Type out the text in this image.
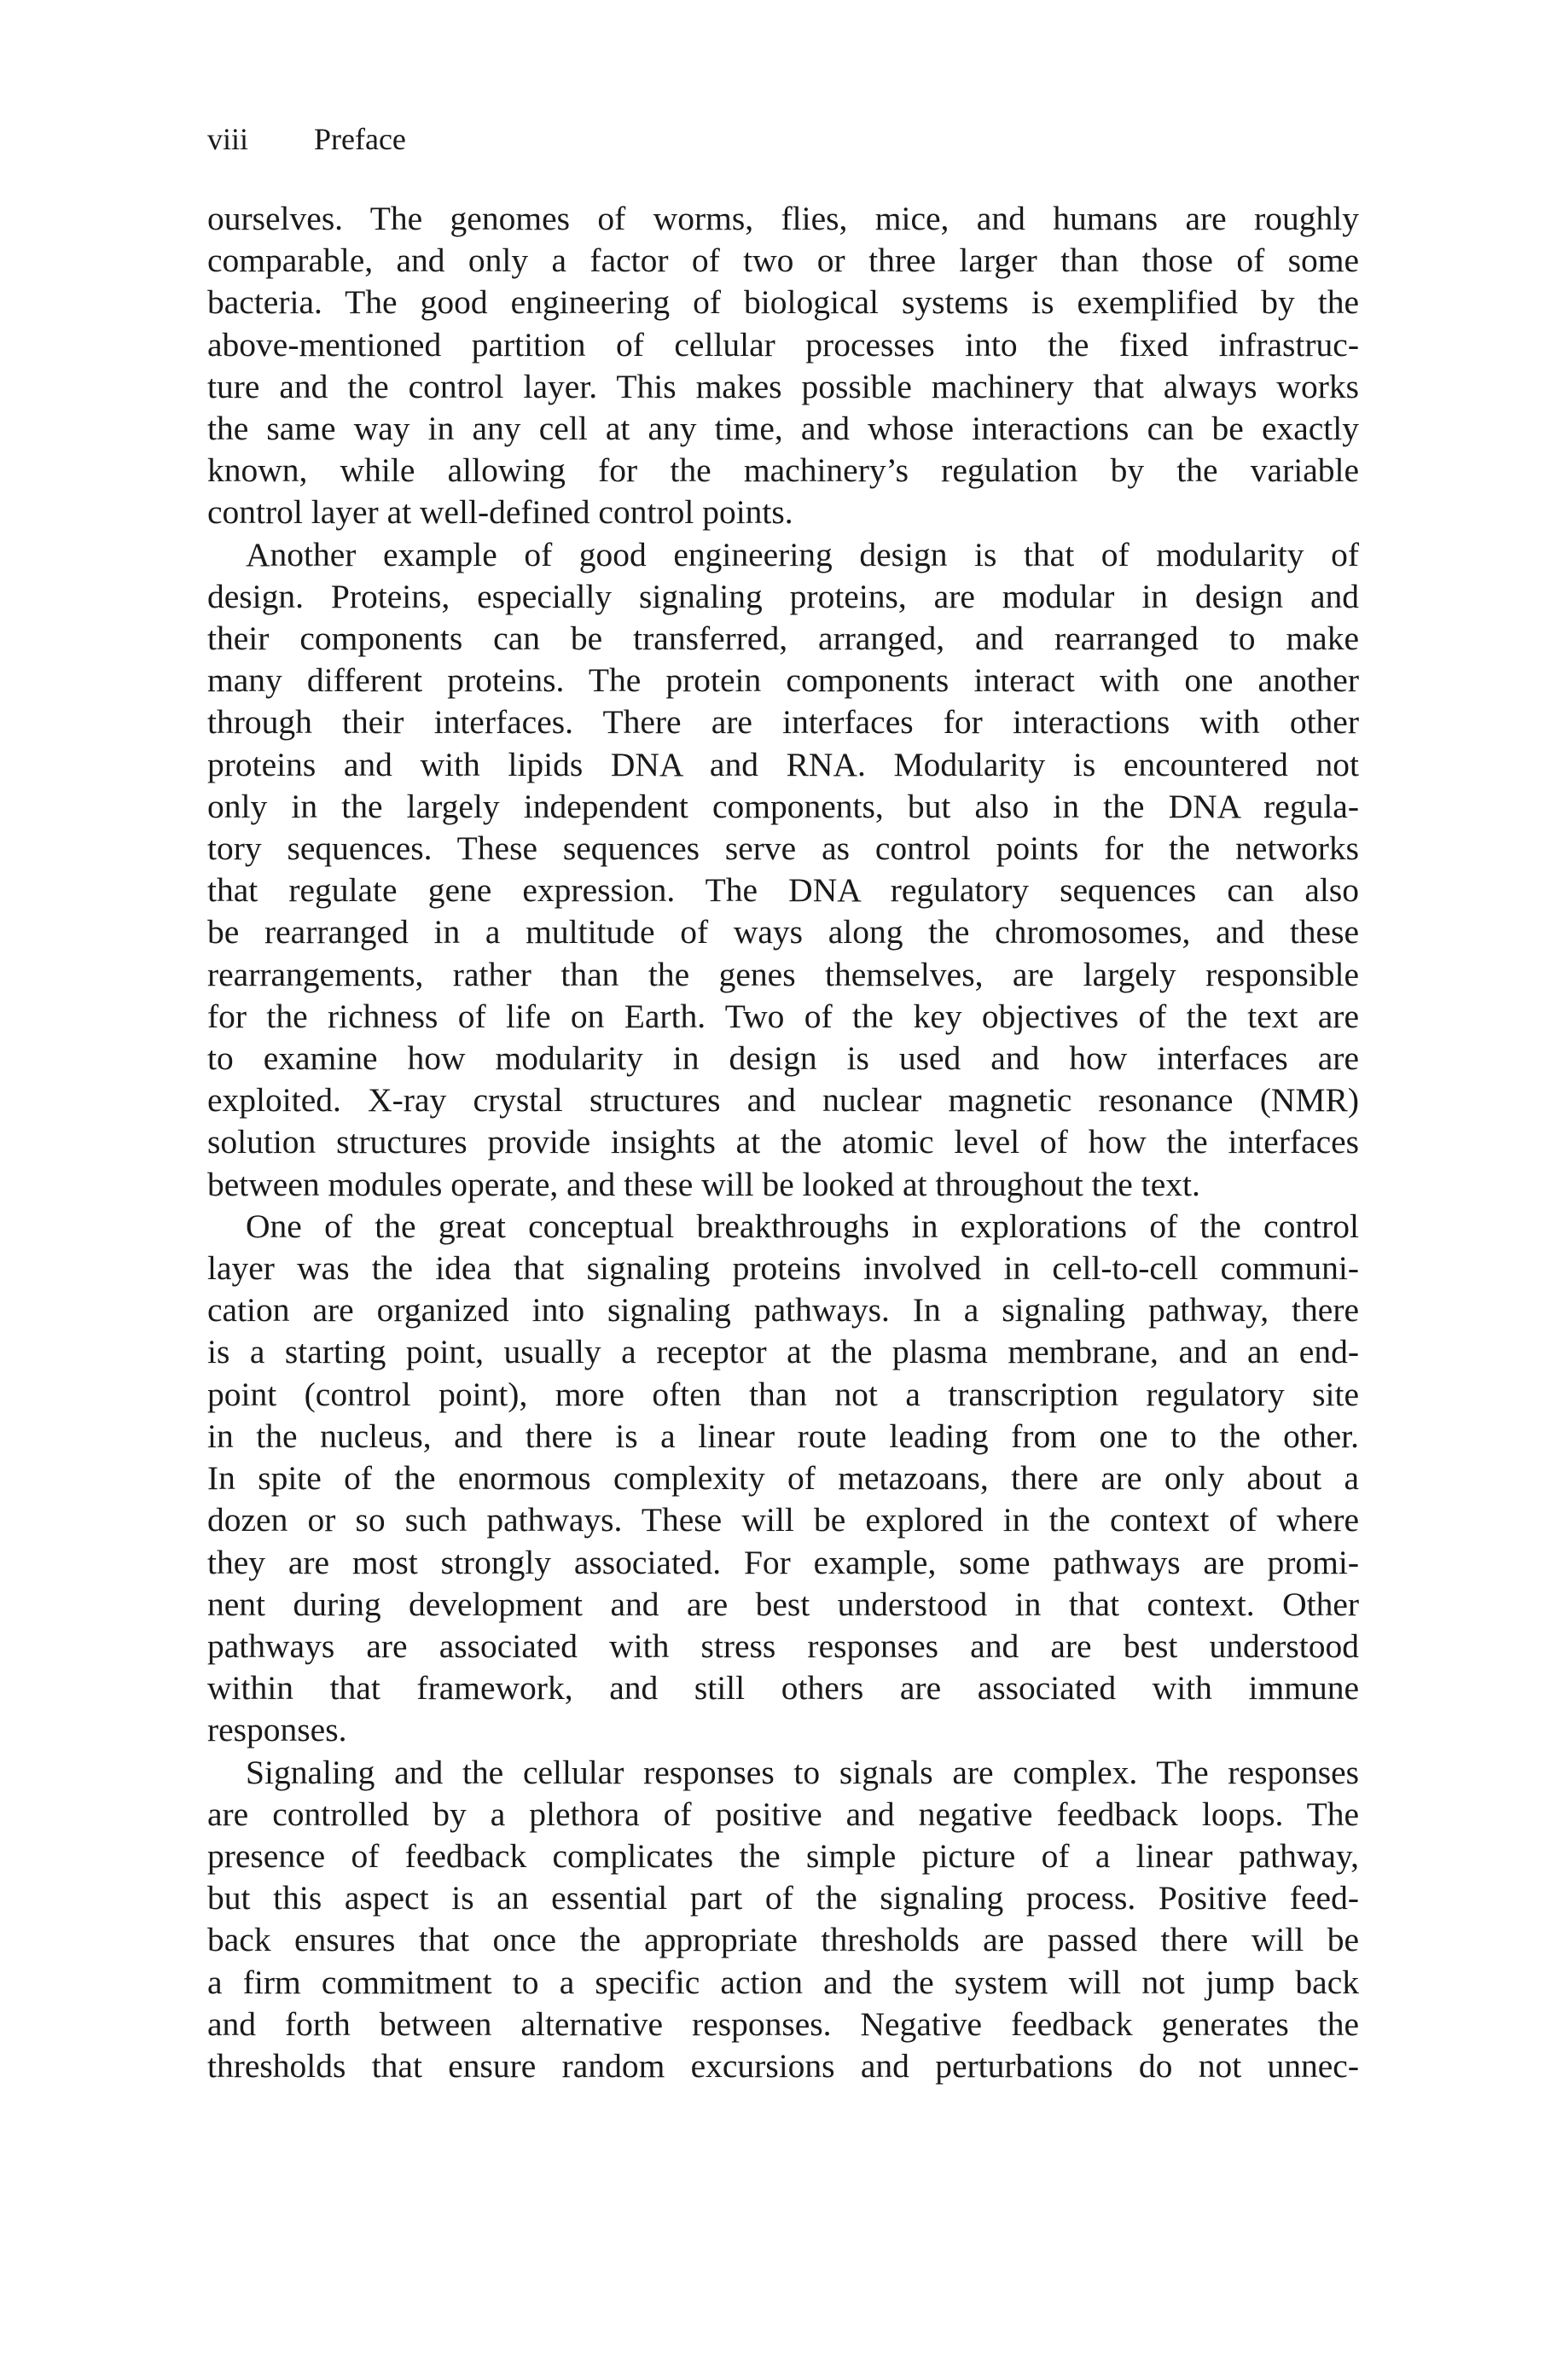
viii Preface

ourselves. The genomes of worms, flies, mice, and humans are roughly

comparable, and only a factor of two or three larger than those of some

bacteria. The good engineering of biological systems is exemplified by the

above-mentioned partition of cellular processes into the fixed infrastruc-

ture and the control layer. This makes possible machinery that always works

the same way in any cell at any time, and whose interactions can be exactly

known, while allowing for the machinery’s regulation by the variable

control layer at well-defined control points.

Another example of good engineering design is that of modularity of

design. Proteins, especially signaling proteins, are modular in design and

their components can be transferred, arranged, and rearranged to make

many different proteins. The protein components interact with one another

through their interfaces. There are interfaces for interactions with other

proteins and with lipids DNA and RNA. Modularity is encountered not

only in the largely independent components, but also in the DNA regula-

tory sequences. These sequences serve as control points for the networks

that regulate gene expression. The DNA regulatory sequences can also

be rearranged in a multitude of ways along the chromosomes, and these

rearrangements, rather than the genes themselves, are largely responsible

for the richness of life on Earth. Two of the key objectives of the text are

to examine how modularity in design is used and how interfaces are

exploited. X-ray crystal structures and nuclear magnetic resonance (NMR)

solution structures provide insights at the atomic level of how the interfaces

between modules operate, and these will be looked at throughout the text.

One of the great conceptual breakthroughs in explorations of the control

layer was the idea that signaling proteins involved in cell-to-cell communi-

cation are organized into signaling pathways. In a signaling pathway, there

is a starting point, usually a receptor at the plasma membrane, and an end-

point (control point), more often than not a transcription regulatory site

in the nucleus, and there is a linear route leading from one to the other.

In spite of the enormous complexity of metazoans, there are only about a

dozen or so such pathways. These will be explored in the context of where

they are most strongly associated. For example, some pathways are promi-

nent during development and are best understood in that context. Other

pathways are associated with stress responses and are best understood

within that framework, and still others are associated with immune

responses.

Signaling and the cellular responses to signals are complex. The responses

are controlled by a plethora of positive and negative feedback loops. The

presence of feedback complicates the simple picture of a linear pathway,

but this aspect is an essential part of the signaling process. Positive feed-

back ensures that once the appropriate thresholds are passed there will be

a firm commitment to a specific action and the system will not jump back

and forth between alternative responses. Negative feedback generates the

thresholds that ensure random excursions and perturbations do not unnec-
